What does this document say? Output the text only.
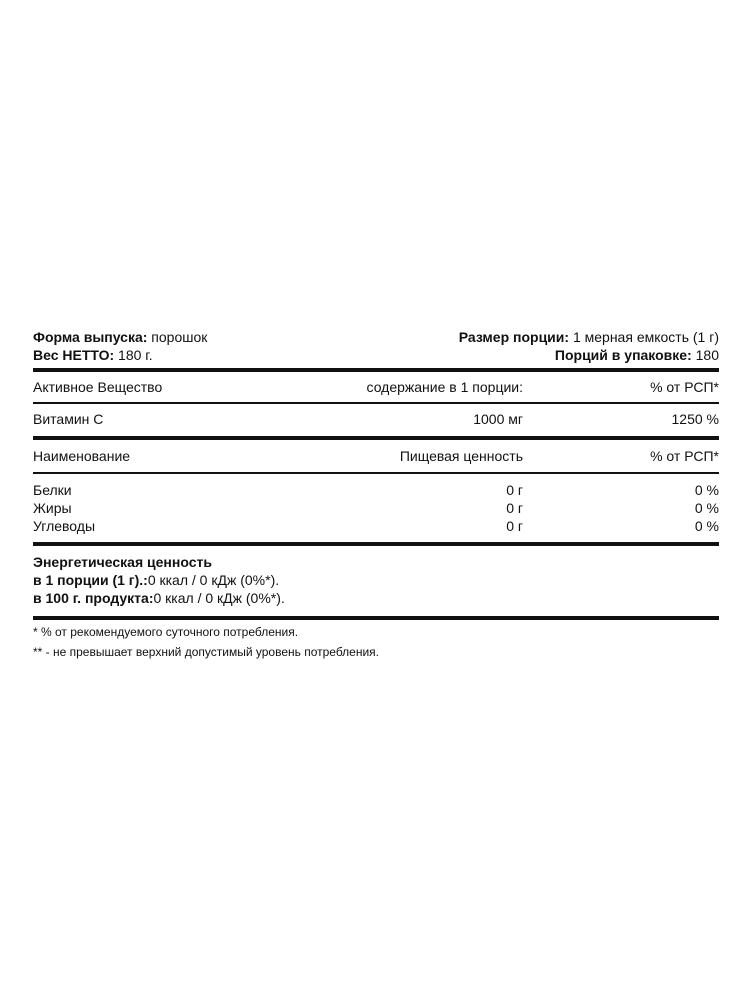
Форма выпуска: порошок	Размер порции: 1 мерная емкость (1 г)
Вес НЕТТО: 180 г.	Порций в упаковке: 180
Активное Вещество	содержание в 1 порции:	% от РСП*
Витамин С	1000 мг	1250 %
Наименование	Пищевая ценность	% от РСП*
Белки	0 г	0 %
Жиры	0 г	0 %
Углеводы	0 г	0 %
Энергетическая ценность
в 1 порции (1 г).: 0 ккал / 0 кДж (0%*).
в 100 г. продукта: 0 ккал / 0 кДж (0%*).
* % от рекомендуемого суточного потребления.
** - не превышает верхний допустимый уровень потребления.
